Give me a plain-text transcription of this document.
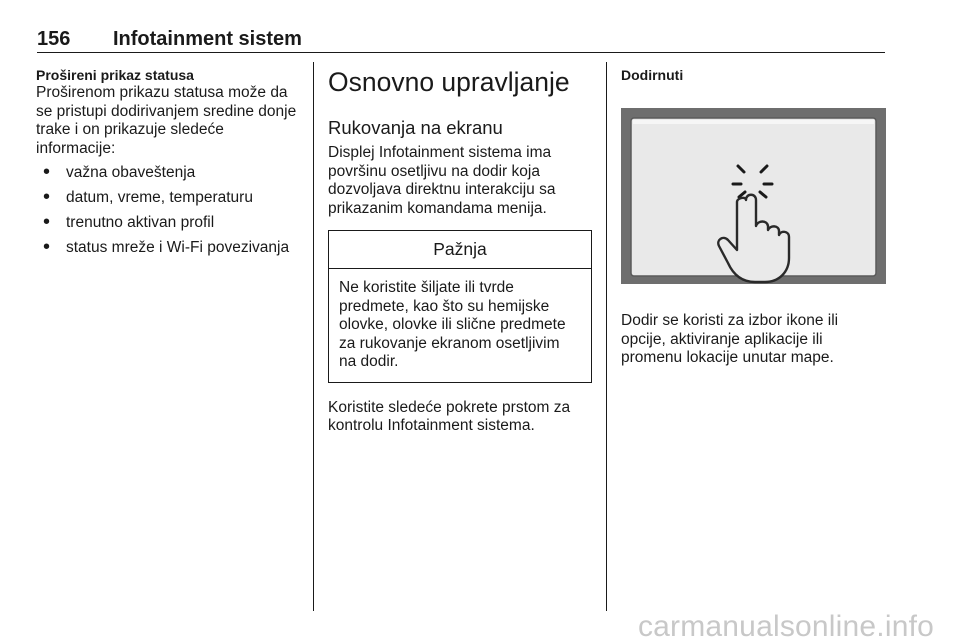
156 Infotainment sistem

Prošireni prikaz statusa

Proširenom prikazu statusa može da se pristupi dodirivanjem sredine donje trake i on prikazuje sledeće informacije:

• važna obaveštenja
• datum, vreme, temperaturu
• trenutno aktivan profil
• status mreže i Wi-Fi povezivanja
Osnovno upravljanje
Rukovanja na ekranu

Displej Infotainment sistema ima površinu osetljivu na dodir koja dozvoljava direktnu interakciju sa prikazanim komandama menija.

Pažnja
Ne koristite šiljate ili tvrde predmete, kao što su hemijske olovke, olovke ili slične predmete za rukovanje ekranom osetljivim na dodir.

Koristite sledeće pokrete prstom za kontrolu Infotainment sistema.

Dodirnuti

Dodir se koristi za izbor ikone ili opcije, aktiviranje aplikacije ili promenu lokacije unutar mape.

carmanualsonline.info
